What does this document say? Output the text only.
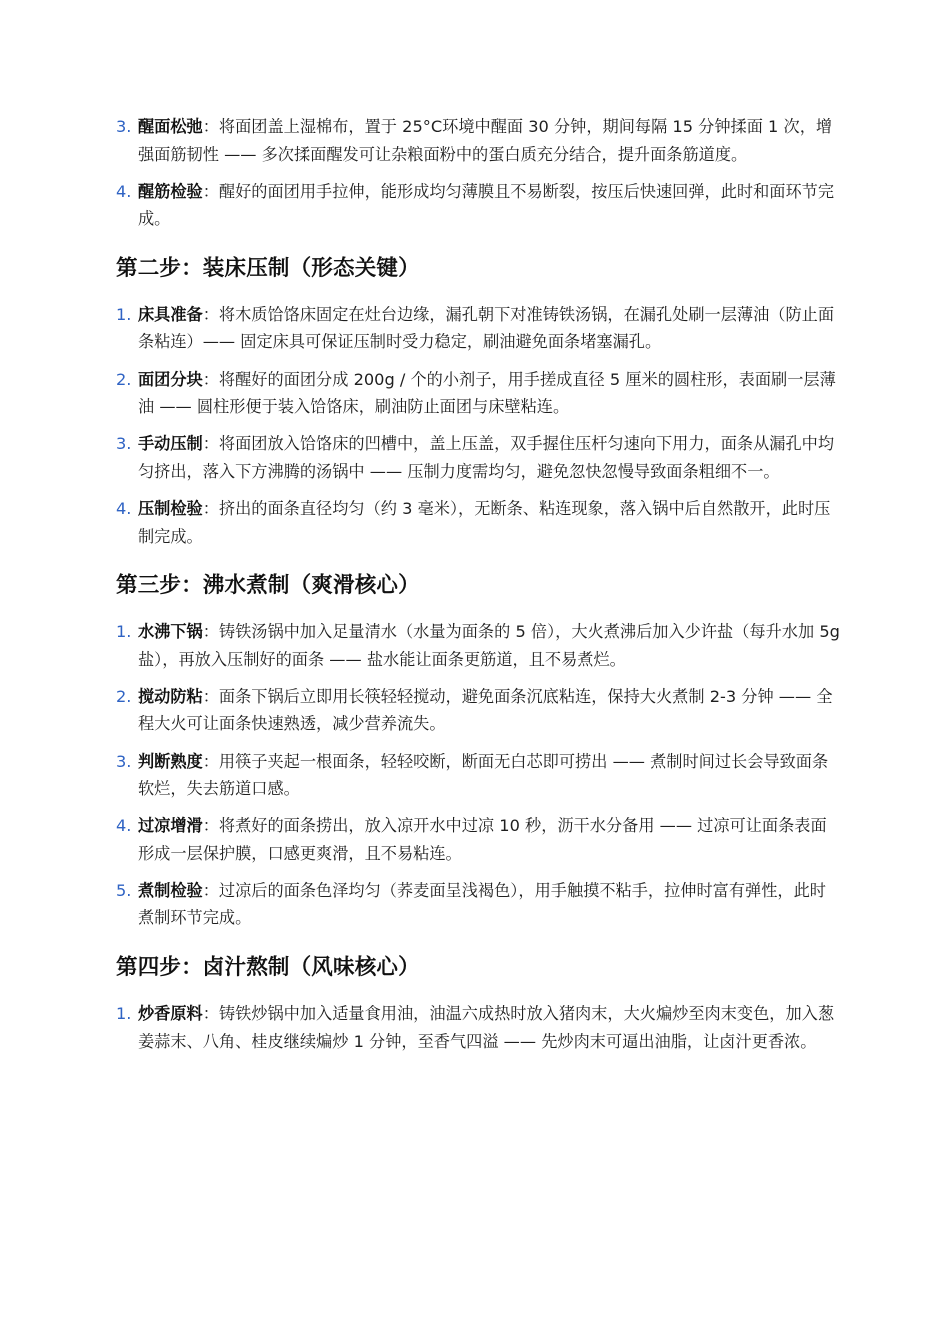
3. 醒面松弛：将面团盖上湿棉布，置于 25°C环境中醒面 30 分钟，期间每隔 15 分钟揉面 1 次，增强面筋韧性 —— 多次揉面醒发可让杂粮面粉中的蛋白质充分结合，提升面条筋道度。
4. 醒筋检验：醒好的面团用手拉伸，能形成均匀薄膜且不易断裂，按压后快速回弹，此时和面环节完成。
第二步：装床压制（形态关键）
1. 床具准备：将木质饸饹床固定在灶台边缘，漏孔朝下对准铸铁汤锅，在漏孔处刷一层薄油（防止面条粘连）—— 固定床具可保证压制时受力稳定，刷油避免面条堵塞漏孔。
2. 面团分块：将醒好的面团分成 200g / 个的小剂子，用手搓成直径 5 厘米的圆柱形，表面刷一层薄油 —— 圆柱形便于装入饸饹床，刷油防止面团与床壁粘连。
3. 手动压制：将面团放入饸饹床的凹槽中，盖上压盖，双手握住压杆匀速向下用力，面条从漏孔中均匀挤出，落入下方沸腾的汤锅中 —— 压制力度需均匀，避免忽快忽慢导致面条粗细不一。
4. 压制检验：挤出的面条直径均匀（约 3 毫米），无断条、粘连现象，落入锅中后自然散开，此时压制完成。
第三步：沸水煮制（爽滑核心）
1. 水沸下锅：铸铁汤锅中加入足量清水（水量为面条的 5 倍），大火煮沸后加入少许盐（每升水加 5g 盐），再放入压制好的面条 —— 盐水能让面条更筋道，且不易煮烂。
2. 搅动防粘：面条下锅后立即用长筷轻轻搅动，避免面条沉底粘连，保持大火煮制 2-3 分钟 —— 全程大火可让面条快速熟透，减少营养流失。
3. 判断熟度：用筷子夹起一根面条，轻轻咬断，断面无白芯即可捞出 —— 煮制时间过长会导致面条软烂，失去筋道口感。
4. 过凉增滑：将煮好的面条捞出，放入凉开水中过凉 10 秒，沥干水分备用 —— 过凉可让面条表面形成一层保护膜，口感更爽滑，且不易粘连。
5. 煮制检验：过凉后的面条色泽均匀（荞麦面呈浅褐色），用手触摸不粘手，拉伸时富有弹性，此时煮制环节完成。
第四步：卤汁熬制（风味核心）
1. 炒香原料：铸铁炒锅中加入适量食用油，油温六成热时放入猪肉末，大火煸炒至肉末变色，加入葱姜蒜末、八角、桂皮继续煸炒 1 分钟，至香气四溢 —— 先炒肉末可逼出油脂，让卤汁更香浓。
